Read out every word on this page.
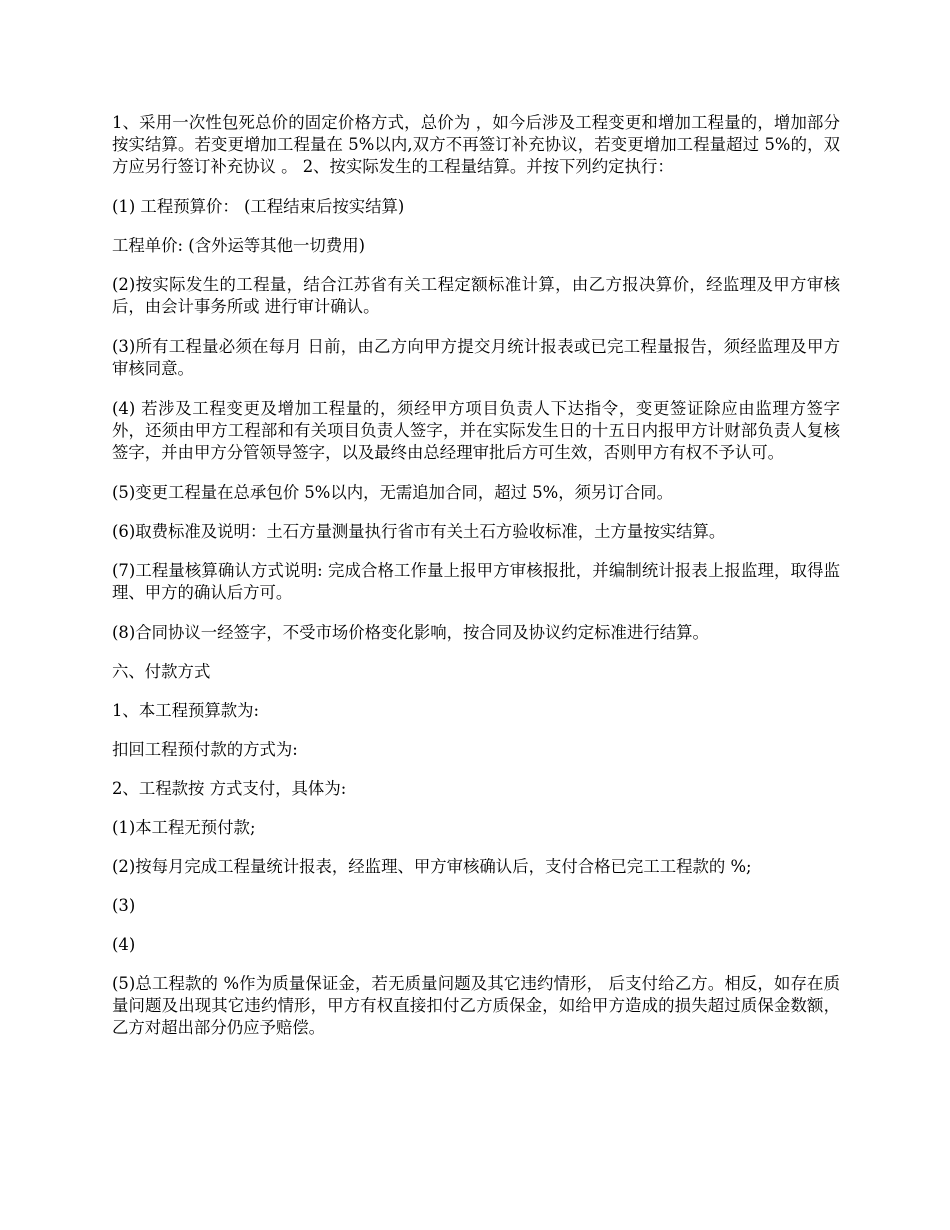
1、采用一次性包死总价的固定价格方式，总价为 ，如今后涉及工程变更和增加工程量的，增加部分按实结算。若变更增加工程量在 5%以内,双方不再签订补充协议，若变更增加工程量超过 5%的，双方应另行签订补充协议 。 2、按实际发生的工程量结算。并按下列约定执行：

(1) 工程预算价： (工程结束后按实结算)

工程单价: (含外运等其他一切费用)

(2)按实际发生的工程量，结合江苏省有关工程定额标准计算，由乙方报决算价，经监理及甲方审核后，由会计事务所或 进行审计确认。

(3)所有工程量必须在每月 日前，由乙方向甲方提交月统计报表或已完工程量报告，须经监理及甲方审核同意。

(4) 若涉及工程变更及增加工程量的，须经甲方项目负责人下达指令，变更签证除应由监理方签字外，还须由甲方工程部和有关项目负责人签字，并在实际发生日的十五日内报甲方计财部负责人复核签字，并由甲方分管领导签字，以及最终由总经理审批后方可生效，否则甲方有权不予认可。

(5)变更工程量在总承包价 5%以内，无需追加合同，超过 5%，须另订合同。

(6)取费标准及说明：土石方量测量执行省市有关土石方验收标准，土方量按实结算。

(7)工程量核算确认方式说明: 完成合格工作量上报甲方审核报批，并编制统计报表上报监理，取得监理、甲方的确认后方可。

(8)合同协议一经签字，不受市场价格变化影响，按合同及协议约定标准进行结算。

六、付款方式

1、本工程预算款为:

扣回工程预付款的方式为:

2、工程款按 方式支付，具体为:

(1)本工程无预付款;

(2)按每月完成工程量统计报表，经监理、甲方审核确认后，支付合格已完工工程款的 %;

(3)

(4)

(5)总工程款的 %作为质量保证金，若无质量问题及其它违约情形， 后支付给乙方。相反，如存在质量问题及出现其它违约情形，甲方有权直接扣付乙方质保金，如给甲方造成的损失超过质保金数额，乙方对超出部分仍应予赔偿。
